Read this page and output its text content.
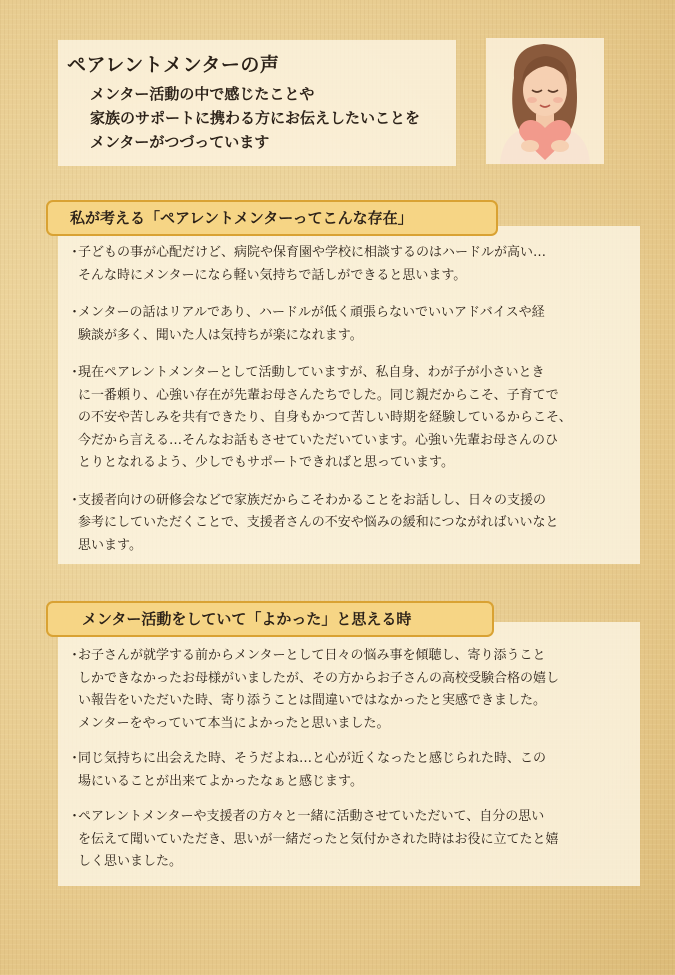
ペアレントメンターの声
メンター活動の中で感じたことや
家族のサポートに携わる方にお伝えしたいことを
メンターがつづっています
私が考える「ペアレントメンターってこんな存在」
・
子どもの事が心配だけど、病院や保育園や学校に相談するのはハードルが高い…
そんな時にメンターになら軽い気持ちで話しができると思います。
・
メンターの話はリアルであり、ハードルが低く頑張らないでいいアドバイスや経
験談が多く、聞いた人は気持ちが楽になれます。
・
現在ペアレントメンターとして活動していますが、私自身、わが子が小さいとき
に一番頼り、心強い存在が先輩お母さんたちでした。同じ親だからこそ、子育てで
の不安や苦しみを共有できたり、自身もかつて苦しい時期を経験しているからこそ、
今だから言える…そんなお話もさせていただいています。心強い先輩お母さんのひ
とりとなれるよう、少しでもサポートできればと思っています。
・
支援者向けの研修会などで家族だからこそわかることをお話しし、日々の支援の
参考にしていただくことで、支援者さんの不安や悩みの緩和につながればいいなと
思います。
メンター活動をしていて「よかった」と思える時
・
お子さんが就学する前からメンターとして日々の悩み事を傾聴し、寄り添うこと
しかできなかったお母様がいましたが、その方からお子さんの高校受験合格の嬉し
い報告をいただいた時、寄り添うことは間違いではなかったと実感できました。
メンターをやっていて本当によかったと思いました。
・
同じ気持ちに出会えた時、そうだよね…と心が近くなったと感じられた時、この
場にいることが出来てよかったなぁと感じます。
・
ペアレントメンターや支援者の方々と一緒に活動させていただいて、自分の思い
を伝えて聞いていただき、思いが一緒だったと気付かされた時はお役に立てたと嬉
しく思いました。
